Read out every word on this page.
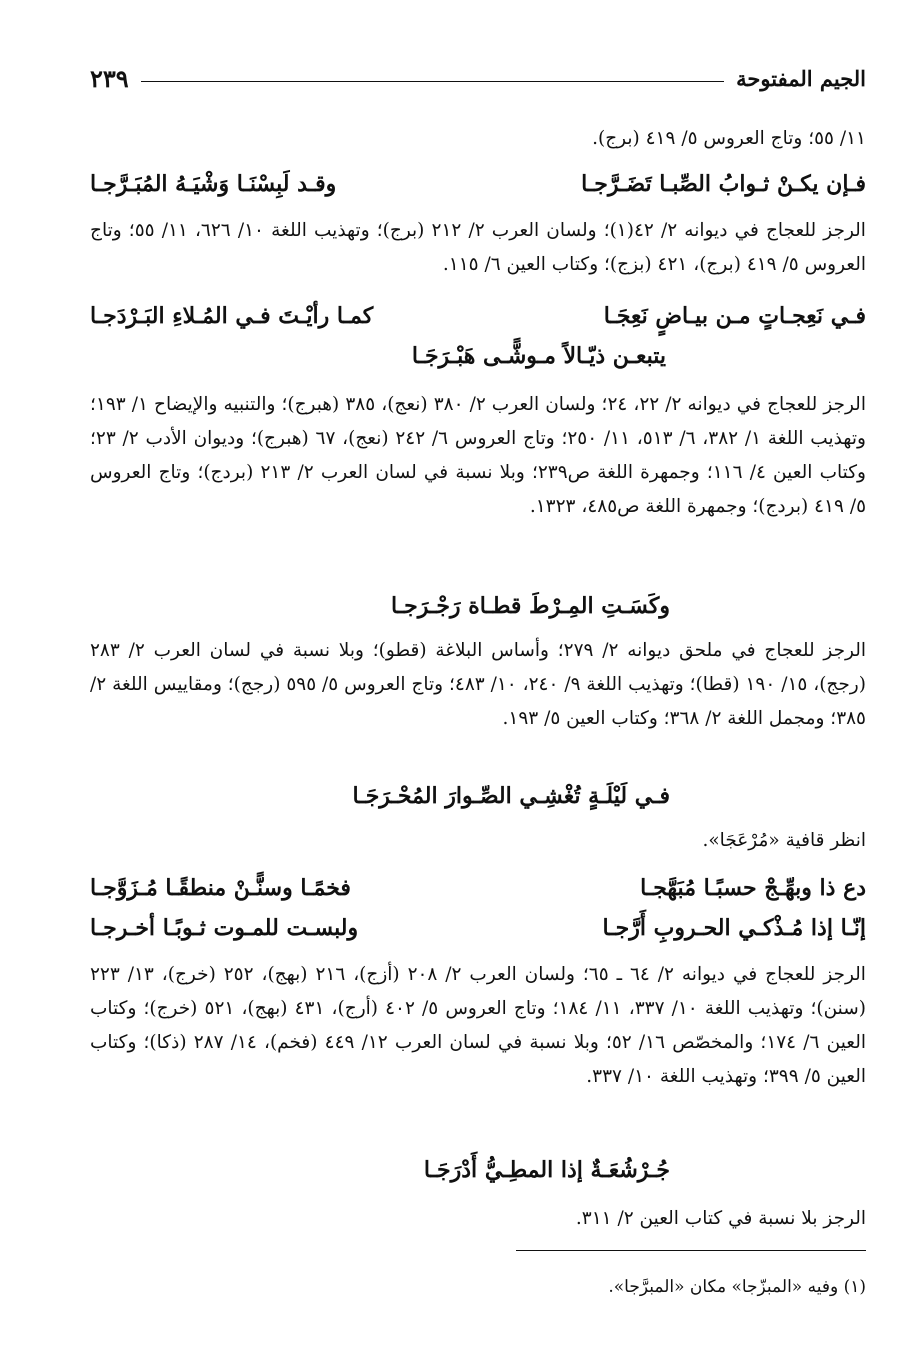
الجيم المفتوحة
٢٣٩

١١/ ٥٥؛ وتاج العروس ٥/ ٤١٩ (برج).

فـإن يكـنْ ثـوابُ الصِّبـا تَضَـرَّجـا
وقـد لَبِسْنَـا وَشْيَـهُ المُبَـرَّجـا

الرجز للعجاج في ديوانه ٢/ ٤٢(١)؛ ولسان العرب ٢/ ٢١٢ (برج)؛ وتهذيب اللغة ١٠/ ٦٢٦، ١١/ ٥٥؛ وتاج العروس ٥/ ٤١٩ (برج)، ٤٢١ (بزج)؛ وكتاب العين ٦/ ١١٥.

فـي نَعِجـاتٍ مـن بيـاضٍ نَعِجَـا
كمـا رأيْـتَ فـي المُـلاءِ البَـرْدَجـا
يتبعـن ذيّـالاً مـوشًّـى هَبْـرَجَـا

الرجز للعجاج في ديوانه ٢/ ٢٢، ٢٤؛ ولسان العرب ٢/ ٣٨٠ (نعج)، ٣٨٥ (هبرج)؛ والتنبيه والإيضاح ١/ ١٩٣؛ وتهذيب اللغة ١/ ٣٨٢، ٦/ ٥١٣، ١١/ ٢٥٠؛ وتاج العروس ٦/ ٢٤٢ (نعج)، ٦٧ (هبرج)؛ وديوان الأدب ٢/ ٢٣؛ وكتاب العين ٤/ ١١٦؛ وجمهرة اللغة ص٢٣٩؛ وبلا نسبة في لسان العرب ٢/ ٢١٣ (بردج)؛ وتاج العروس ٥/ ٤١٩ (بردج)؛ وجمهرة اللغة ص٤٨٥، ١٣٢٣.

وكَسَـتِ المِـرْطَ قطـاة رَجْـرَجـا

الرجز للعجاج في ملحق ديوانه ٢/ ٢٧٩؛ وأساس البلاغة (قطو)؛ وبلا نسبة في لسان العرب ٢/ ٢٨٣ (رجج)، ١٥/ ١٩٠ (قطا)؛ وتهذيب اللغة ٩/ ٢٤٠، ١٠/ ٤٨٣؛ وتاج العروس ٥/ ٥٩٥ (رجج)؛ ومقاييس اللغة ٢/ ٣٨٥؛ ومجمل اللغة ٢/ ٣٦٨؛ وكتاب العين ٥/ ١٩٣.

فـي لَيْلَـةٍ تُغْشِـي الصِّـوارَ المُحْـرَجَـا

انظر قافية «مُرْعَجَا».

دع ذا وبهِّـجْ حسبًـا مُبَهَّجـا
فخمًـا وسنًّـنْ منطقًـا مُـزَوَّجـا
إنّـا إذا مُـذْكـي الحـروبِ أَرَّجـا
ولبسـت للمـوت ثـوبًـا أخـرجـا

الرجز للعجاج في ديوانه ٢/ ٦٤ ـ ٦٥؛ ولسان العرب ٢/ ٢٠٨ (أزج)، ٢١٦ (بهج)، ٢٥٢ (خرج)، ١٣/ ٢٢٣ (سنن)؛ وتهذيب اللغة ١٠/ ٣٣٧، ١١/ ١٨٤؛ وتاج العروس ٥/ ٤٠٢ (أرج)، ٤٣١ (بهج)، ٥٢١ (خرج)؛ وكتاب العين ٦/ ١٧٤؛ والمخصّص ١٦/ ٥٢؛ وبلا نسبة في لسان العرب ١٢/ ٤٤٩ (فخم)، ١٤/ ٢٨٧ (ذكا)؛ وكتاب العين ٥/ ٣٩٩؛ وتهذيب اللغة ١٠/ ٣٣٧.

جُـرْشُعَـةٌ إذا المطِـيُّ أَدْرَجَـا

الرجز بلا نسبة في كتاب العين ٢/ ٣١١.

(١) وفيه «المبزّجا» مكان «المبرَّجا».
